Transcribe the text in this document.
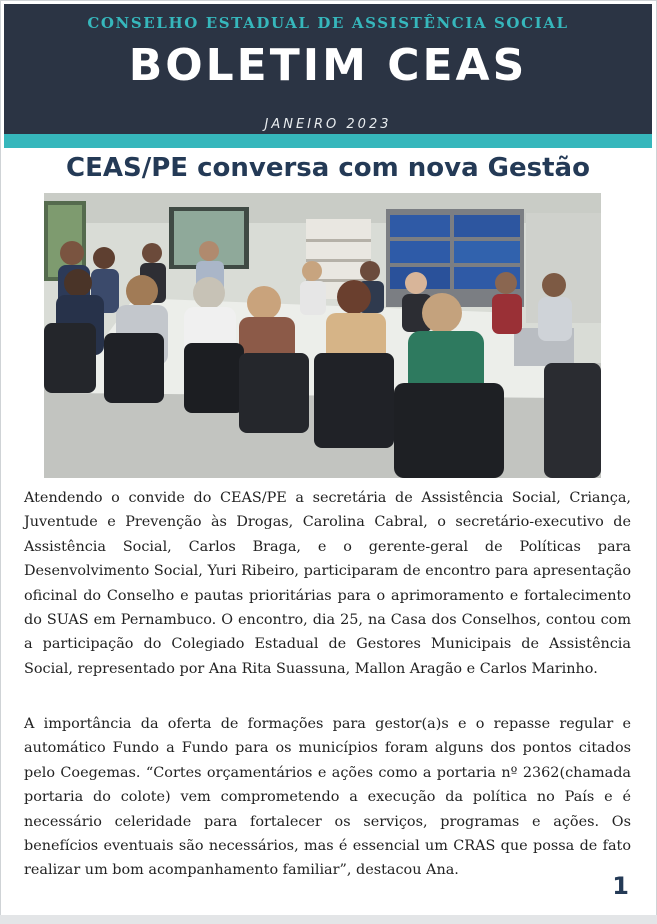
CONSELHO ESTADUAL DE ASSISTÊNCIA SOCIAL
BOLETIM CEAS
JANEIRO 2023
CEAS/PE conversa com nova Gestão

Atendendo o convide do CEAS/PE a secretária de Assistência Social, Criança, Juventude e Prevenção às Drogas, Carolina Cabral, o secretário-executivo de Assistência Social, Carlos Braga, e o gerente-geral de Políticas para Desenvolvimento Social, Yuri Ribeiro, participaram de encontro para apresentação oficinal do Conselho e pautas prioritárias para o aprimoramento e fortalecimento do SUAS em Pernambuco. O encontro, dia 25, na Casa dos Conselhos, contou com a participação do Colegiado Estadual de Gestores Municipais de Assistência Social, representado por Ana Rita Suassuna, Mallon Aragão e Carlos Marinho.

A importância da oferta de formações para gestor(a)s e o repasse regular e automático Fundo a Fundo para os municípios foram alguns dos pontos citados pelo Coegemas. “Cortes orçamentários e ações como a portaria nº 2362(chamada portaria do colote) vem comprometendo a execução da política no País e é necessário celeridade para fortalecer os serviços, programas e ações. Os benefícios eventuais são necessários, mas é essencial um CRAS que possa de fato realizar um bom acompanhamento familiar”, destacou Ana.

1
